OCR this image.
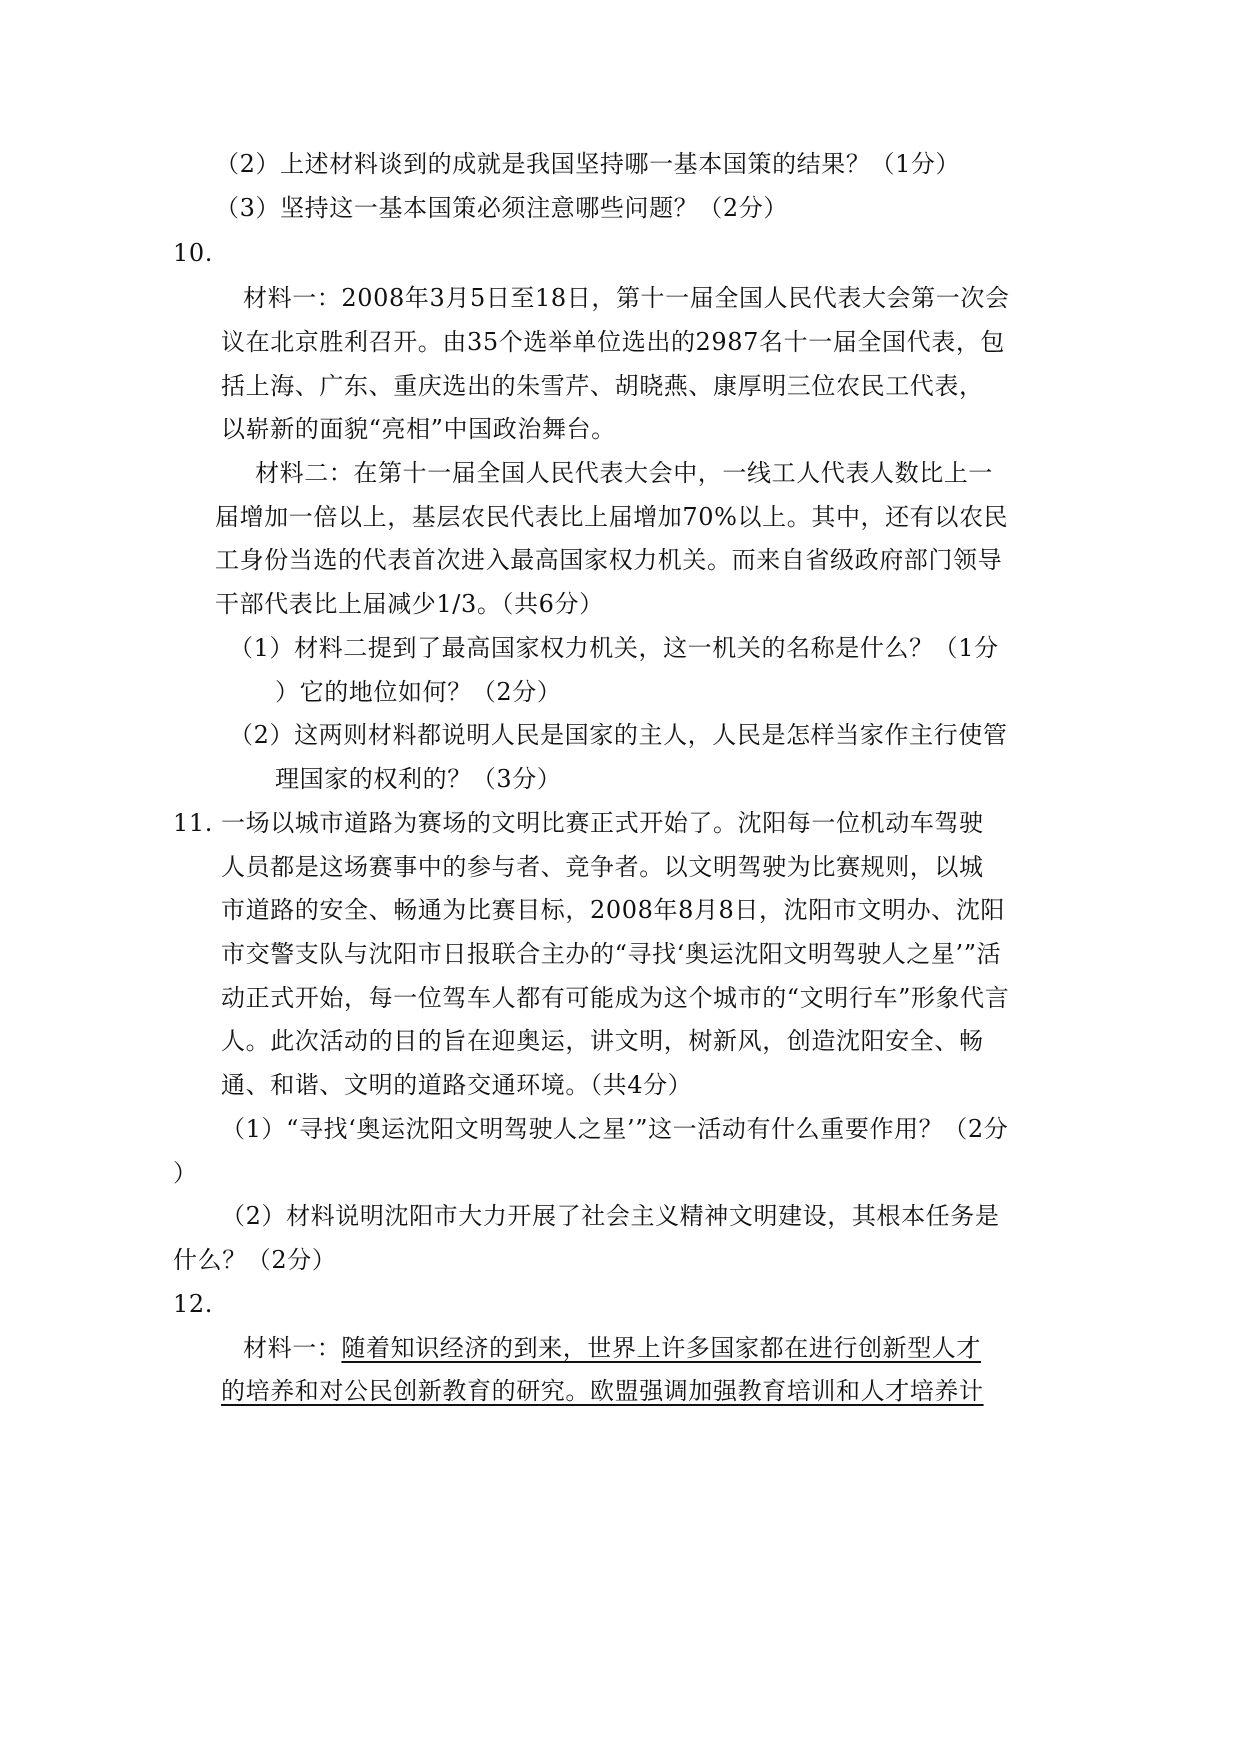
（2）上述材料谈到的成就是我国坚持哪一基本国策的结果？（1分）
（3）坚持这一基本国策必须注意哪些问题？（2分）
10.
材料一：2008年3月5日至18日，第十一届全国人民代表大会第一次会
议在北京胜利召开。由35个选举单位选出的2987名十一届全国代表，包
括上海、广东、重庆选出的朱雪芹、胡晓燕、康厚明三位农民工代表，
以崭新的面貌“亮相”中国政治舞台。
材料二：在第十一届全国人民代表大会中，一线工人代表人数比上一
届增加一倍以上，基层农民代表比上届增加70%以上。其中，还有以农民
工身份当选的代表首次进入最高国家权力机关。而来自省级政府部门领导
干部代表比上届减少1/3。（共6分）
（1）材料二提到了最高国家权力机关，这一机关的名称是什么？（1分
）它的地位如何？（2分）
（2）这两则材料都说明人民是国家的主人，人民是怎样当家作主行使管
理国家的权利的？（3分）
11. 一场以城市道路为赛场的文明比赛正式开始了。沈阳每一位机动车驾驶
人员都是这场赛事中的参与者、竞争者。以文明驾驶为比赛规则，以城
市道路的安全、畅通为比赛目标，2008年8月8日，沈阳市文明办、沈阳
市交警支队与沈阳市日报联合主办的“寻找‘奥运沈阳文明驾驶人之星’”活
动正式开始，每一位驾车人都有可能成为这个城市的“文明行车”形象代言
人。此次活动的目的旨在迎奥运，讲文明，树新风，创造沈阳安全、畅
通、和谐、文明的道路交通环境。（共4分）
（1）“寻找‘奥运沈阳文明驾驶人之星’”这一活动有什么重要作用？（2分
）
（2）材料说明沈阳市大力开展了社会主义精神文明建设，其根本任务是
什么？（2分）
12.
材料一：随着知识经济的到来，世界上许多国家都在进行创新型人才
的培养和对公民创新教育的研究。欧盟强调加强教育培训和人才培养计
